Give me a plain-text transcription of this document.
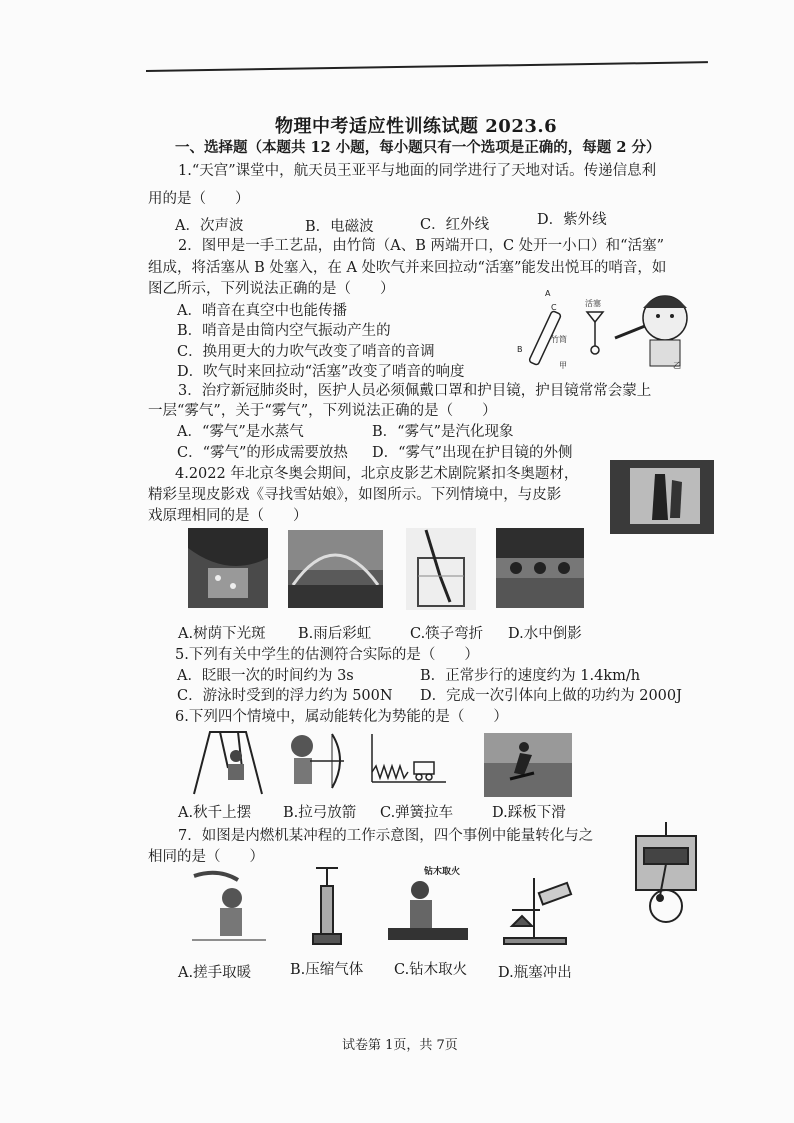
物理中考适应性训练试题 2023.6
一、选择题（本题共 12 小题，每小题只有一个选项是正确的，每题 2 分）
1.“天宫”课堂中，航天员王亚平与地面的同学进行了天地对话。传递信息利
用的是（　　）
A．次声波	B．电磁波	C．红外线	D．紫外线
2．图甲是一手工艺品，由竹筒（A、B 两端开口，C 处开一小口）和“活塞”
组成，将活塞从 B 处塞入，在 A 处吹气并来回拉动“活塞”能发出悦耳的哨音，如
图乙所示，下列说法正确的是（　　）
A．哨音在真空中也能传播
B．哨音是由筒内空气振动产生的
C．换用更大的力吹气改变了哨音的音调
D．吹气时来回拉动“活塞”改变了哨音的响度
A
C
B
竹筒
活塞
甲	乙
3．治疗新冠肺炎时，医护人员必须佩戴口罩和护目镜，护目镜常常会蒙上
一层“雾气”，关于“雾气”，下列说法正确的是（　　）
A．“雾气”是水蒸气	B．“雾气”是汽化现象
C．“雾气”的形成需要放热 D．“雾气”出现在护目镜的外侧
4.2022 年北京冬奥会期间，北京皮影艺术剧院紧扣冬奥题材，
精彩呈现皮影戏《寻找雪姑娘》，如图所示。下列情境中，与皮影
戏原理相同的是（　　）
A.树荫下光斑 B.雨后彩虹	C.筷子弯折 D.水中倒影
5.下列有关中学生的估测符合实际的是（　　）
A．眨眼一次的时间约为 3s	B．正常步行的速度约为 1.4km/h
C．游泳时受到的浮力约为 500N D．完成一次引体向上做的功约为 2000J
6.下列四个情境中，属动能转化为势能的是（　　）
A.秋千上摆 B.拉弓放箭 C.弹簧拉车	D.踩板下滑
7．如图是内燃机某冲程的工作示意图，四个事例中能量转化与之
相同的是（　　）
钻木取火
A.搓手取暖	B.压缩气体 C.钻木取火 D.瓶塞冲出
试卷第 1页，共 7页
